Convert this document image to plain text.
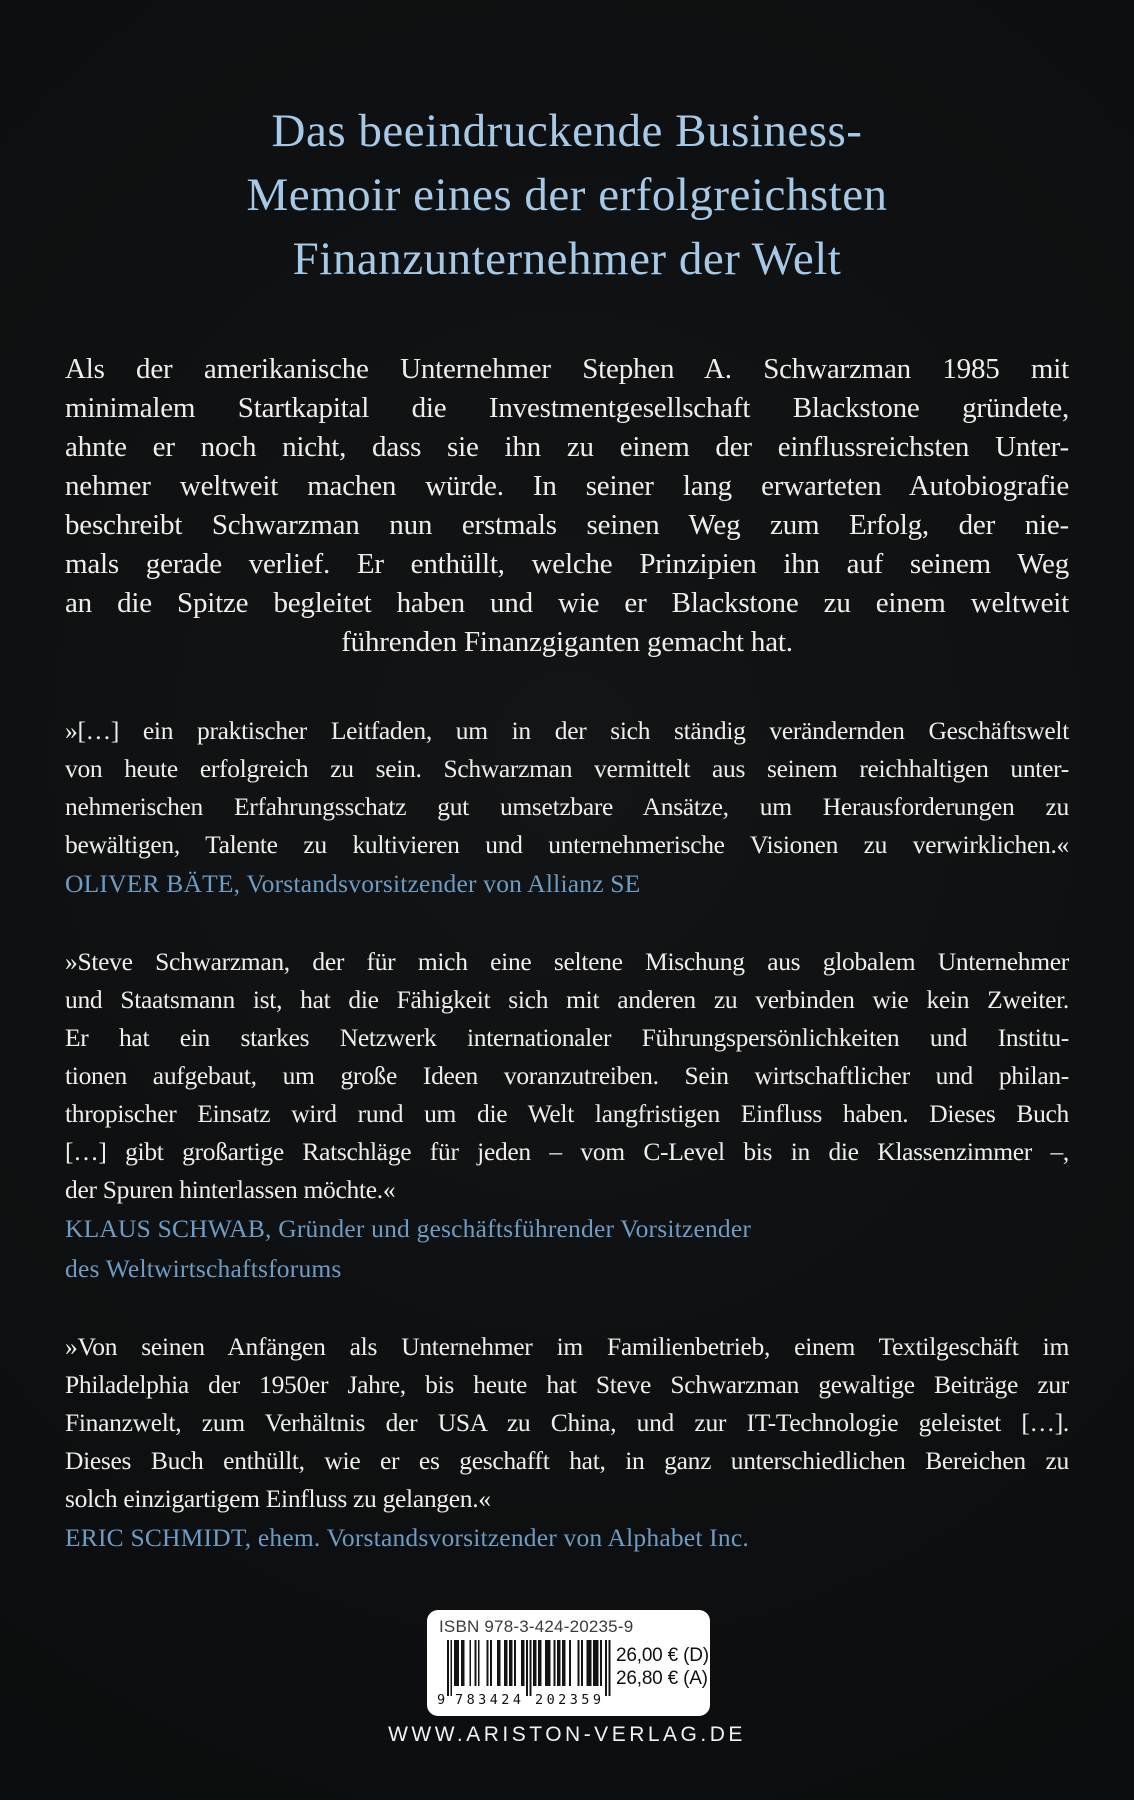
Das beeindruckende Business-
Memoir eines der erfolgreichsten
Finanzunternehmer der Welt
Als der amerikanische Unternehmer Stephen A. Schwarzman 1985 mit
minimalem Startkapital die Investmentgesellschaft Blackstone gründete,
ahnte er noch nicht, dass sie ihn zu einem der einflussreichsten Unter-
nehmer weltweit machen würde. In seiner lang erwarteten Autobiografie
beschreibt Schwarzman nun erstmals seinen Weg zum Erfolg, der nie-
mals gerade verlief. Er enthüllt, welche Prinzipien ihn auf seinem Weg
an die Spitze begleitet haben und wie er Blackstone zu einem weltweit
führenden Finanzgiganten gemacht hat.
»[…] ein praktischer Leitfaden, um in der sich ständig verändernden Geschäftswelt
von heute erfolgreich zu sein. Schwarzman vermittelt aus seinem reichhaltigen unter-
nehmerischen Erfahrungsschatz gut umsetzbare Ansätze, um Herausforderungen zu
bewältigen, Talente zu kultivieren und unternehmerische Visionen zu verwirklichen.«
OLIVER BÄTE, Vorstandsvorsitzender von Allianz SE
»Steve Schwarzman, der für mich eine seltene Mischung aus globalem Unternehmer
und Staatsmann ist, hat die Fähigkeit sich mit anderen zu verbinden wie kein Zweiter.
Er hat ein starkes Netzwerk internationaler Führungspersönlichkeiten und Institu-
tionen aufgebaut, um große Ideen voranzutreiben. Sein wirtschaftlicher und philan-
thropischer Einsatz wird rund um die Welt langfristigen Einfluss haben. Dieses Buch
[…] gibt großartige Ratschläge für jeden – vom C-Level bis in die Klassenzimmer –,
der Spuren hinterlassen möchte.«
KLAUS SCHWAB, Gründer und geschäftsführender Vorsitzender
des Weltwirtschaftsforums
»Von seinen Anfängen als Unternehmer im Familienbetrieb, einem Textilgeschäft im
Philadelphia der 1950er Jahre, bis heute hat Steve Schwarzman gewaltige Beiträge zur
Finanzwelt, zum Verhältnis der USA zu China, und zur IT-Technologie geleistet […].
Dieses Buch enthüllt, wie er es geschafft hat, in ganz unterschiedlichen Bereichen zu
solch einzigartigem Einfluss zu gelangen.«
ERIC SCHMIDT, ehem. Vorstandsvorsitzender von Alphabet Inc.
ISBN 978-3-424-20235-9
9 783424 202359
26,00 € (D)
26,80 € (A)
WWW.ARISTON-VERLAG.DE
